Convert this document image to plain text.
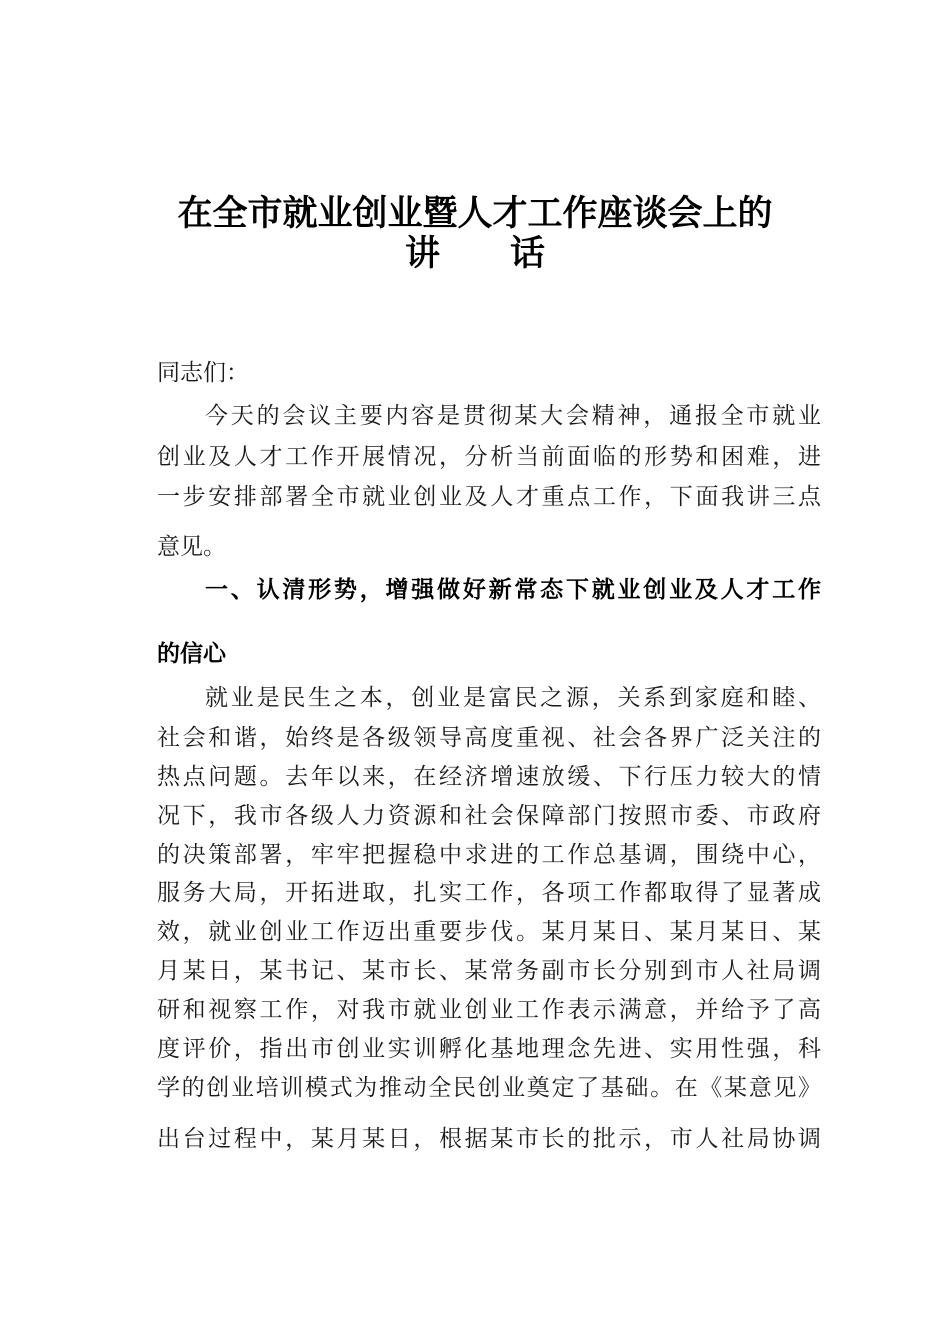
在全市就业创业暨人才工作座谈会上的
讲 话
同志们：
今天的会议主要内容是贯彻某大会精神，通报全市就业
创业及人才工作开展情况，分析当前面临的形势和困难，进
一步安排部署全市就业创业及人才重点工作，下面我讲三点
意见。
一、认清形势，增强做好新常态下就业创业及人才工作
的信心
就业是民生之本，创业是富民之源，关系到家庭和睦、
社会和谐，始终是各级领导高度重视、社会各界广泛关注的
热点问题。去年以来，在经济增速放缓、下行压力较大的情
况下，我市各级人力资源和社会保障部门按照市委、市政府
的决策部署，牢牢把握稳中求进的工作总基调，围绕中心，
服务大局，开拓进取，扎实工作，各项工作都取得了显著成
效，就业创业工作迈出重要步伐。某月某日、某月某日、某
月某日，某书记、某市长、某常务副市长分别到市人社局调
研和视察工作，对我市就业创业工作表示满意，并给予了高
度评价，指出市创业实训孵化基地理念先进、实用性强，科
学的创业培训模式为推动全民创业奠定了基础。在《某意见》
出台过程中，某月某日，根据某市长的批示，市人社局协调
